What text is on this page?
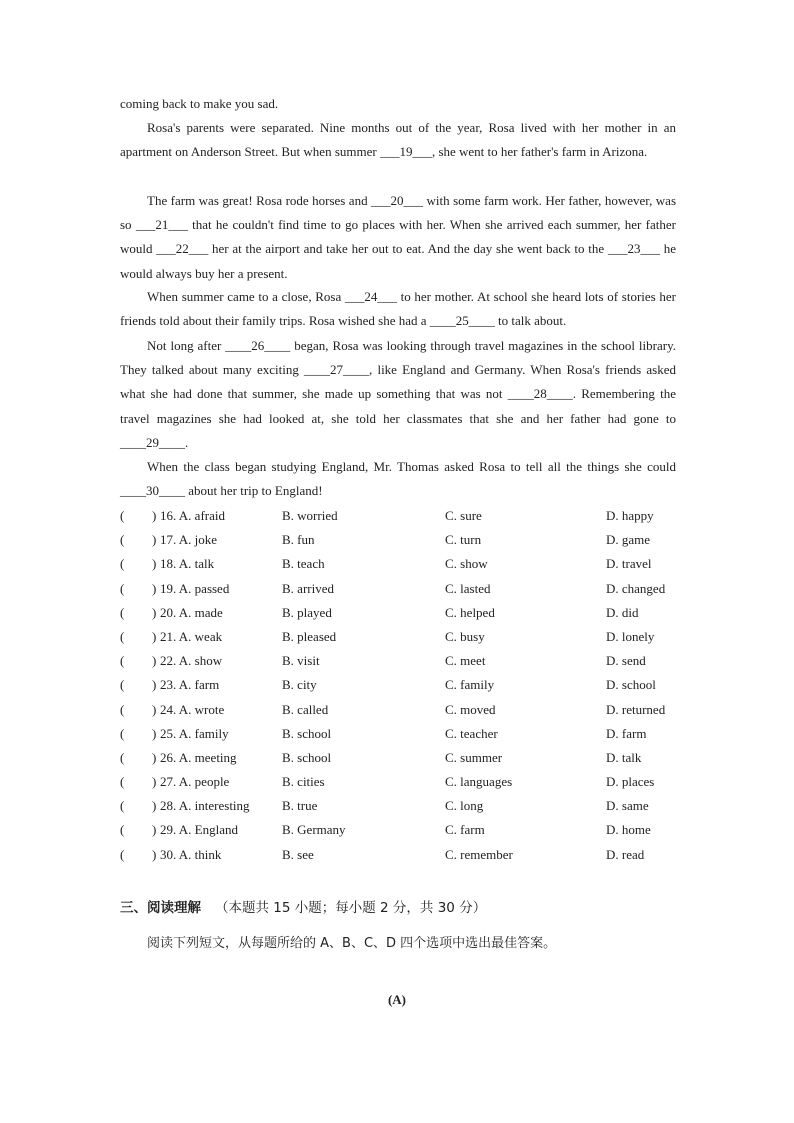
coming back to make you sad.

Rosa's parents were separated. Nine months out of the year, Rosa lived with her mother in an apartment on Anderson Street. But when summer ___19___, she went to her father's farm in Arizona.

The farm was great! Rosa rode horses and ___20___ with some farm work. Her father, however, was so ___21___ that he couldn't find time to go places with her. When she arrived each summer, her father would ___22___ her at the airport and take her out to eat. And the day she went back to the ___23___ he would always buy her a present.

When summer came to a close, Rosa ___24___ to her mother. At school she heard lots of stories her friends told about their family trips. Rosa wished she had a ____25____ to talk about.

Not long after ____26____ began, Rosa was looking through travel magazines in the school library. They talked about many exciting ____27____, like England and Germany. When Rosa's friends asked what she had done that summer, she made up something that was not ____28____. Remembering the travel magazines she had looked at, she told her classmates that she and her father had gone to ____29____.

When the class began studying England, Mr. Thomas asked Rosa to tell all the things she could ____30____ about her trip to England!

( ) 16. A. afraid	B. worried	C. sure	D. happy
( ) 17. A. joke	B. fun	C. turn	D. game
( ) 18. A. talk	B. teach	C. show	D. travel
( ) 19. A. passed	B. arrived	C. lasted	D. changed
( ) 20. A. made	B. played	C. helped	D. did
( ) 21. A. weak	B. pleased	C. busy	D. lonely
( ) 22. A. show	B. visit	C. meet	D. send
( ) 23. A. farm	B. city	C. family	D. school
( ) 24. A. wrote	B. called	C. moved	D. returned
( ) 25. A. family	B. school	C. teacher	D. farm
( ) 26. A. meeting	B. school	C. summer	D. talk
( ) 27. A. people	B. cities	C. languages	D. places
( ) 28. A. interesting B. true	C. long	D. same
( ) 29. A. England	B. Germany	C. farm	D. home
( ) 30. A. think	B. see	C. remember	D. read
三、阅读理解 （本题共 15 小题；每小题 2 分，共 30 分）
阅读下列短文，从每题所给的 A、B、C、D 四个选项中选出最佳答案。
(A)
